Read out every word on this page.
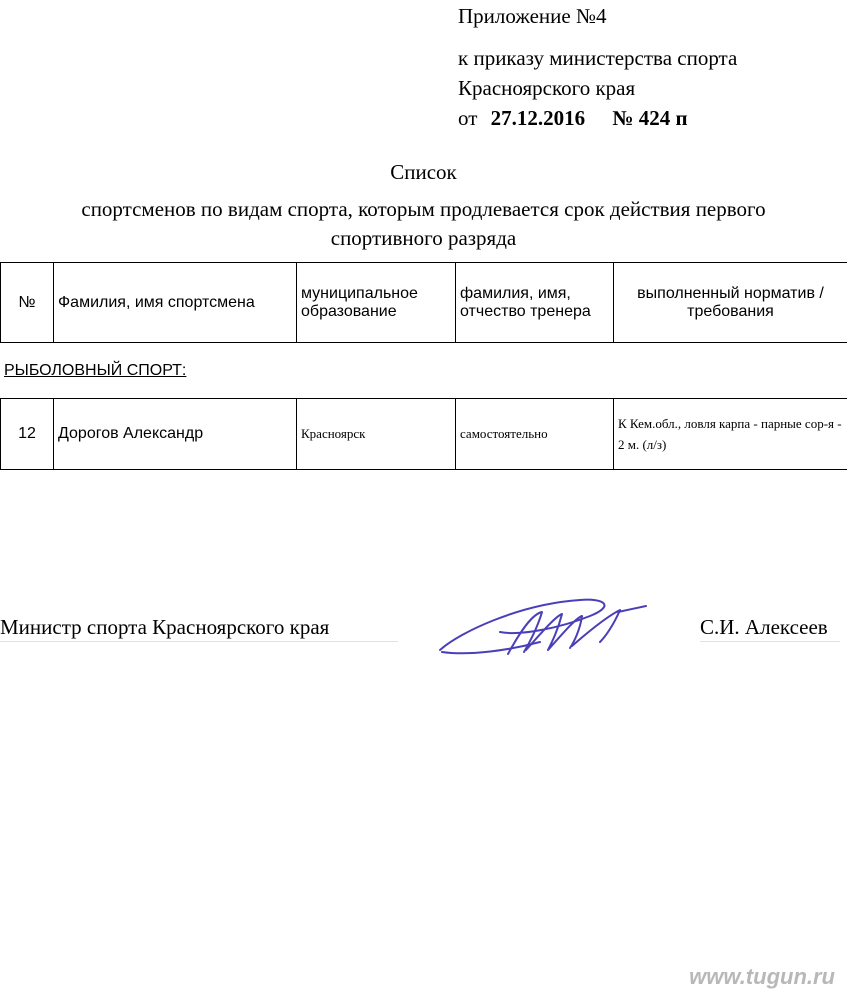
Приложение №4
к приказу министерства спорта
Красноярского края
от 27.12.2016 № 424 п
Список
спортсменов по видам спорта, которым продлевается срок действия первого
спортивного разряда
№	Фамилия, имя спортсмена	муниципальное образование	фамилия, имя, отчество тренера	выполненный норматив /требования
РЫБОЛОВНЫЙ СПОРТ:
12	Дорогов Александр	Красноярск	самостоятельно	К Кем.обл., ловля карпа - парные сор-я - 2 м. (л/з)
Министр спорта Красноярского края	С.И. Алексеев
www.tugun.ru
